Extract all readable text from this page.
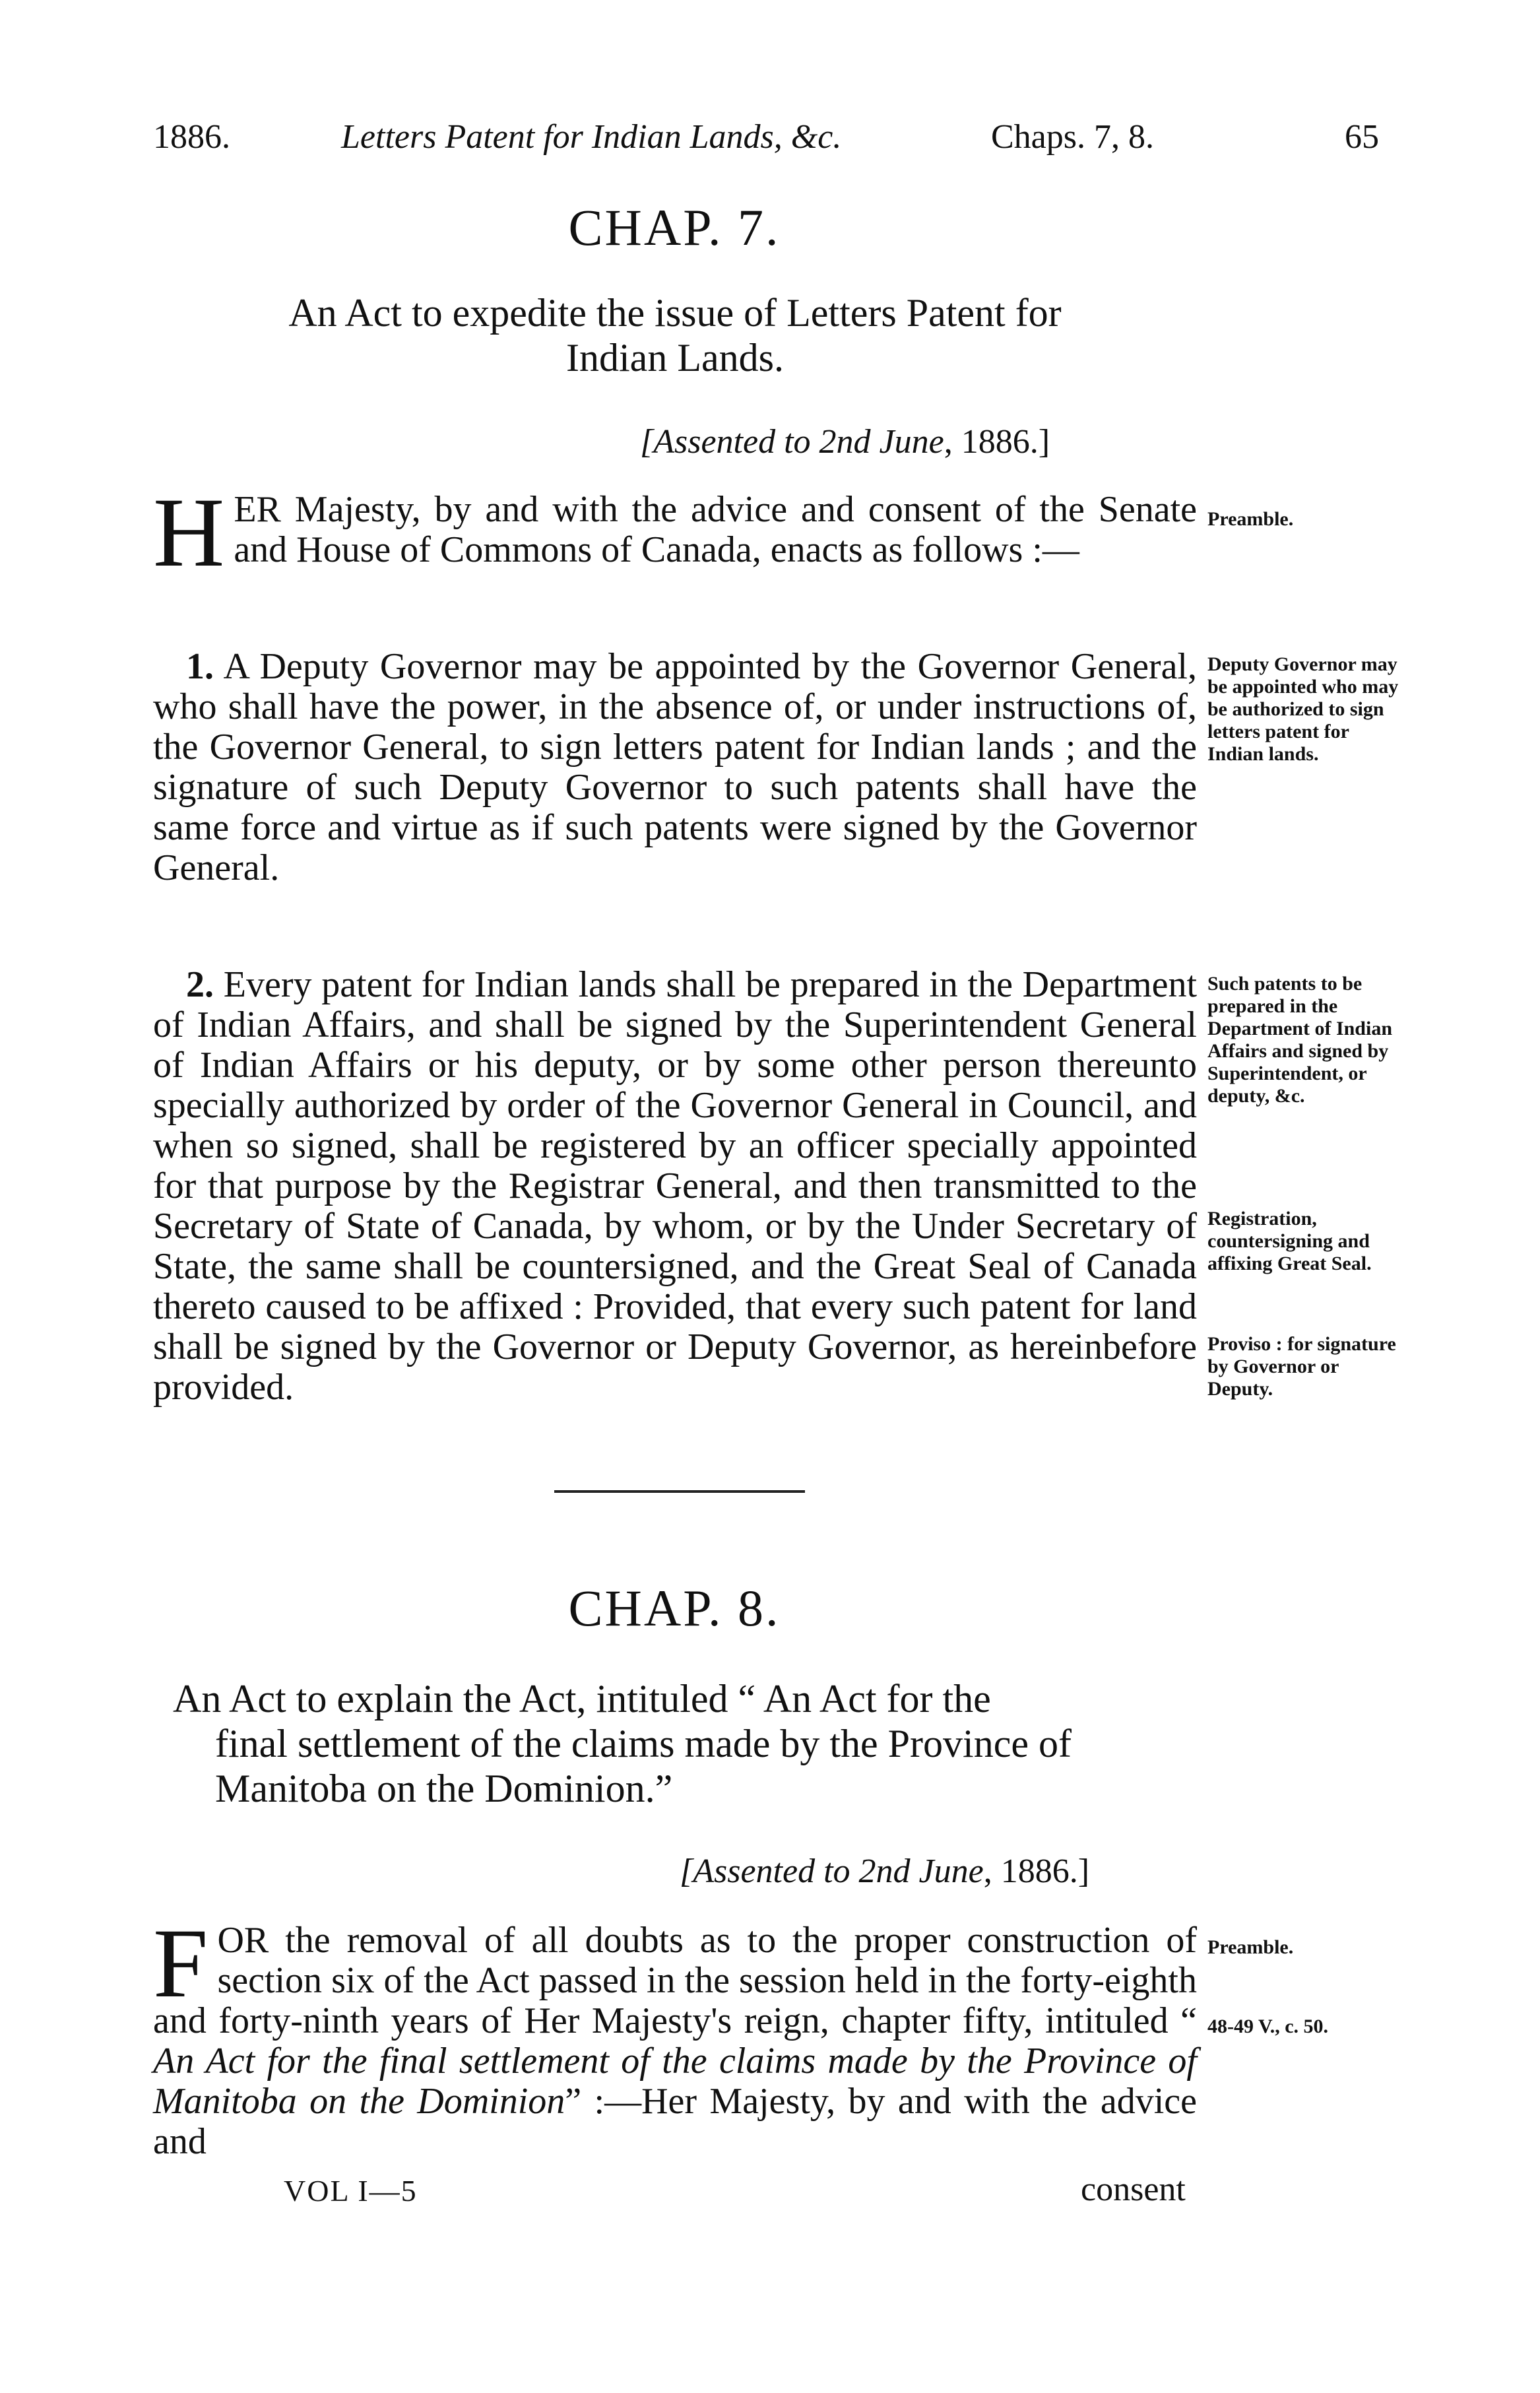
1886.	Letters Patent for Indian Lands, &c.	Chaps. 7, 8.	65
CHAP. 7.
An Act to expedite the issue of Letters Patent for
Indian Lands.
[Assented to 2nd June, 1886.]
HER Majesty, by and with the advice and consent of the Senate and House of Commons of Canada, enacts as follows :—
Preamble.
1. A Deputy Governor may be appointed by the Governor General, who shall have the power, in the absence of, or under instructions of, the Governor General, to sign letters patent for Indian lands ; and the signature of such Deputy Governor to such patents shall have the same force and virtue as if such patents were signed by the Governor General.
Deputy Governor may be appointed who may be authorized to sign letters patent for Indian lands.
2. Every patent for Indian lands shall be prepared in the Department of Indian Affairs, and shall be signed by the Superintendent General of Indian Affairs or his deputy, or by some other person thereunto specially authorized by order of the Governor General in Council, and when so signed, shall be registered by an officer specially appointed for that purpose by the Registrar General, and then transmitted to the Secretary of State of Canada, by whom, or by the Under Secretary of State, the same shall be countersigned, and the Great Seal of Canada thereto caused to be affixed : Provided, that every such patent for land shall be signed by the Governor or Deputy Governor, as hereinbefore provided.
Such patents to be prepared in the Department of Indian Affairs and signed by Superintendent, or deputy, &c.
Registration, countersigning and affixing Great Seal.
Proviso : for signature by Governor or Deputy.
CHAP. 8.
An Act to explain the Act, intituled “ An Act for the
final settlement of the claims made by the Province of
Manitoba on the Dominion.”
[Assented to 2nd June, 1886.]
FOR the removal of all doubts as to the proper construction of section six of the Act passed in the session held in the forty-eighth and forty-ninth years of Her Majesty's reign, chapter fifty, intituled “ An Act for the final settlement of the claims made by the Province of Manitoba on the Dominion” :—Her Majesty, by and with the advice and
Preamble.
48-49 V., c. 50.
VOL I—5	consent
